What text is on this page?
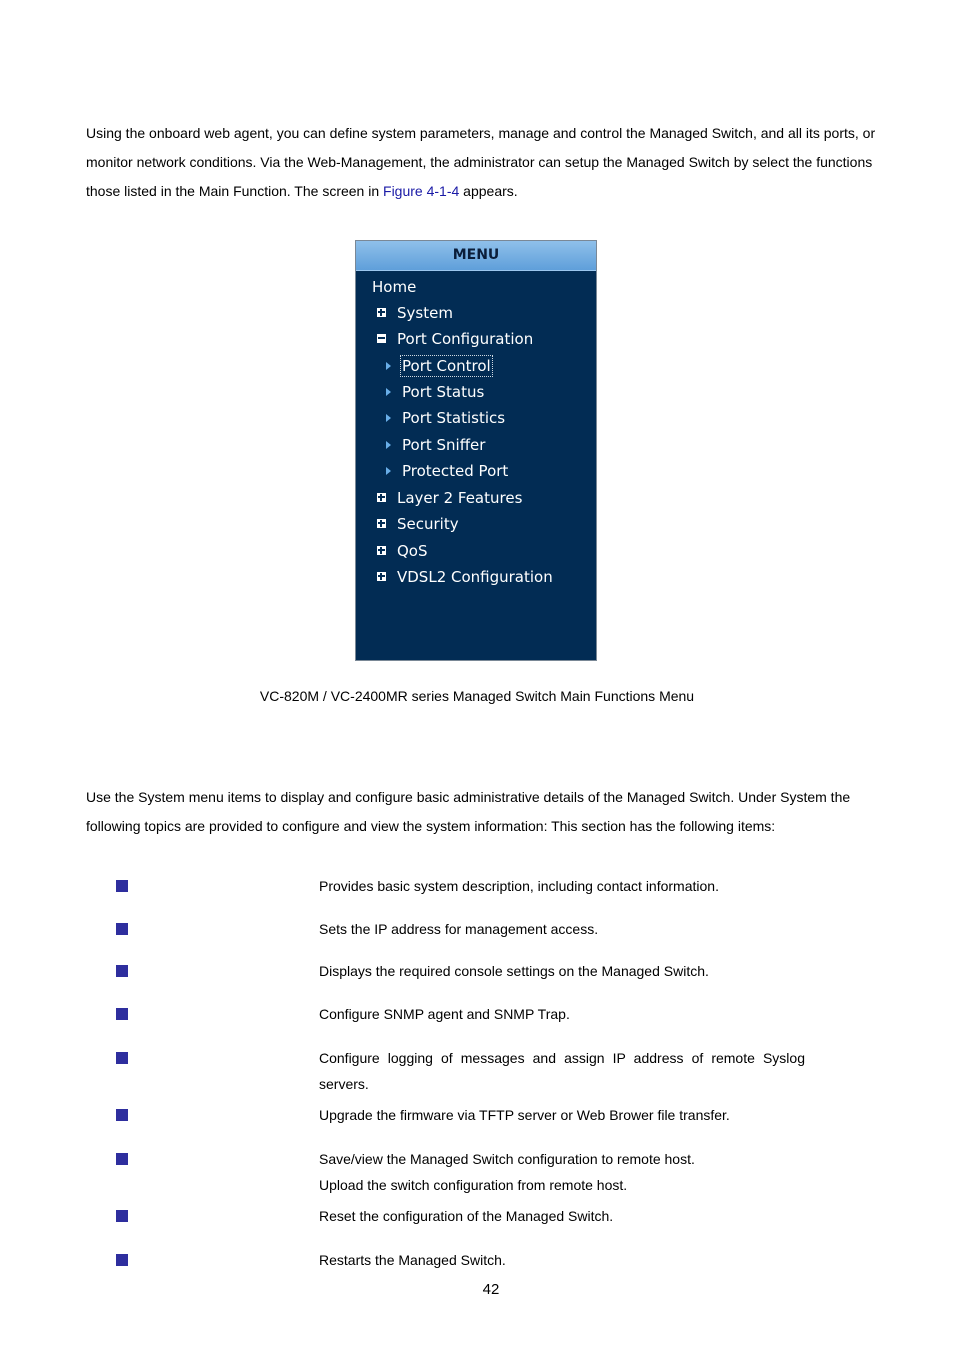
Using the onboard web agent, you can define system parameters, manage and control the Managed Switch, and all its ports, or monitor network conditions. Via the Web-Management, the administrator can setup the Managed Switch by select the functions those listed in the Main Function. The screen in Figure 4-1-4 appears.

MENU
Home
System
Port Configuration
Port Control
Port Status
Port Statistics
Port Sniffer
Protected Port
Layer 2 Features
Security
QoS
VDSL2 Configuration
VC-820M / VC-2400MR series Managed Switch Main Functions Menu

Use the System menu items to display and configure basic administrative details of the Managed Switch. Under System the following topics are provided to configure and view the system information: This section has the following items:

Provides basic system description, including contact information.

Sets the IP address for management access.

Displays the required console settings on the Managed Switch.

Configure SNMP agent and SNMP Trap.

Configure logging of messages and assign IP address of remote Syslog servers.

Upgrade the firmware via TFTP server or Web Brower file transfer.

Save/view the Managed Switch configuration to remote host.

Upload the switch configuration from remote host.

Reset the configuration of the Managed Switch.

Restarts the Managed Switch.

42
